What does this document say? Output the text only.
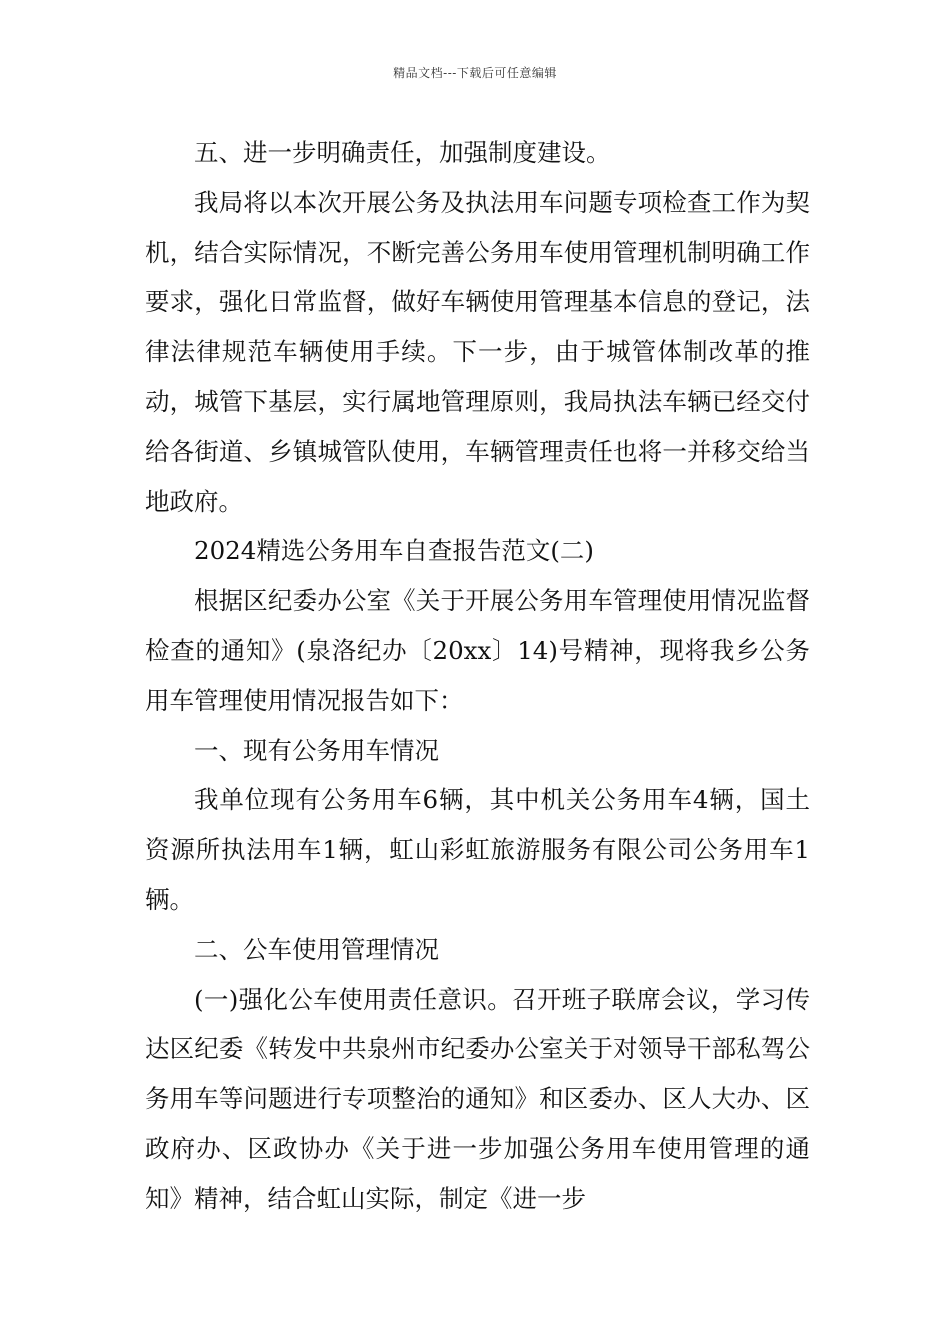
精品文档---下载后可任意编辑

五、进一步明确责任，加强制度建设。

我局将以本次开展公务及执法用车问题专项检查工作为契机，结合实际情况，不断完善公务用车使用管理机制明确工作要求，强化日常监督，做好车辆使用管理基本信息的登记，法律法律规范车辆使用手续。下一步，由于城管体制改革的推动，城管下基层，实行属地管理原则，我局执法车辆已经交付给各街道、乡镇城管队使用，车辆管理责任也将一并移交给当地政府。

2024精选公务用车自查报告范文(二)

根据区纪委办公室《关于开展公务用车管理使用情况监督检查的通知》(泉洛纪办〔20xx〕14)号精神，现将我乡公务用车管理使用情况报告如下：

一、现有公务用车情况

我单位现有公务用车6辆，其中机关公务用车4辆，国土资源所执法用车1辆，虹山彩虹旅游服务有限公司公务用车1辆。

二、公车使用管理情况

(一)强化公车使用责任意识。召开班子联席会议，学习传达区纪委《转发中共泉州市纪委办公室关于对领导干部私驾公务用车等问题进行专项整治的通知》和区委办、区人大办、区政府办、区政协办《关于进一步加强公务用车使用管理的通知》精神，结合虹山实际，制定《进一步
